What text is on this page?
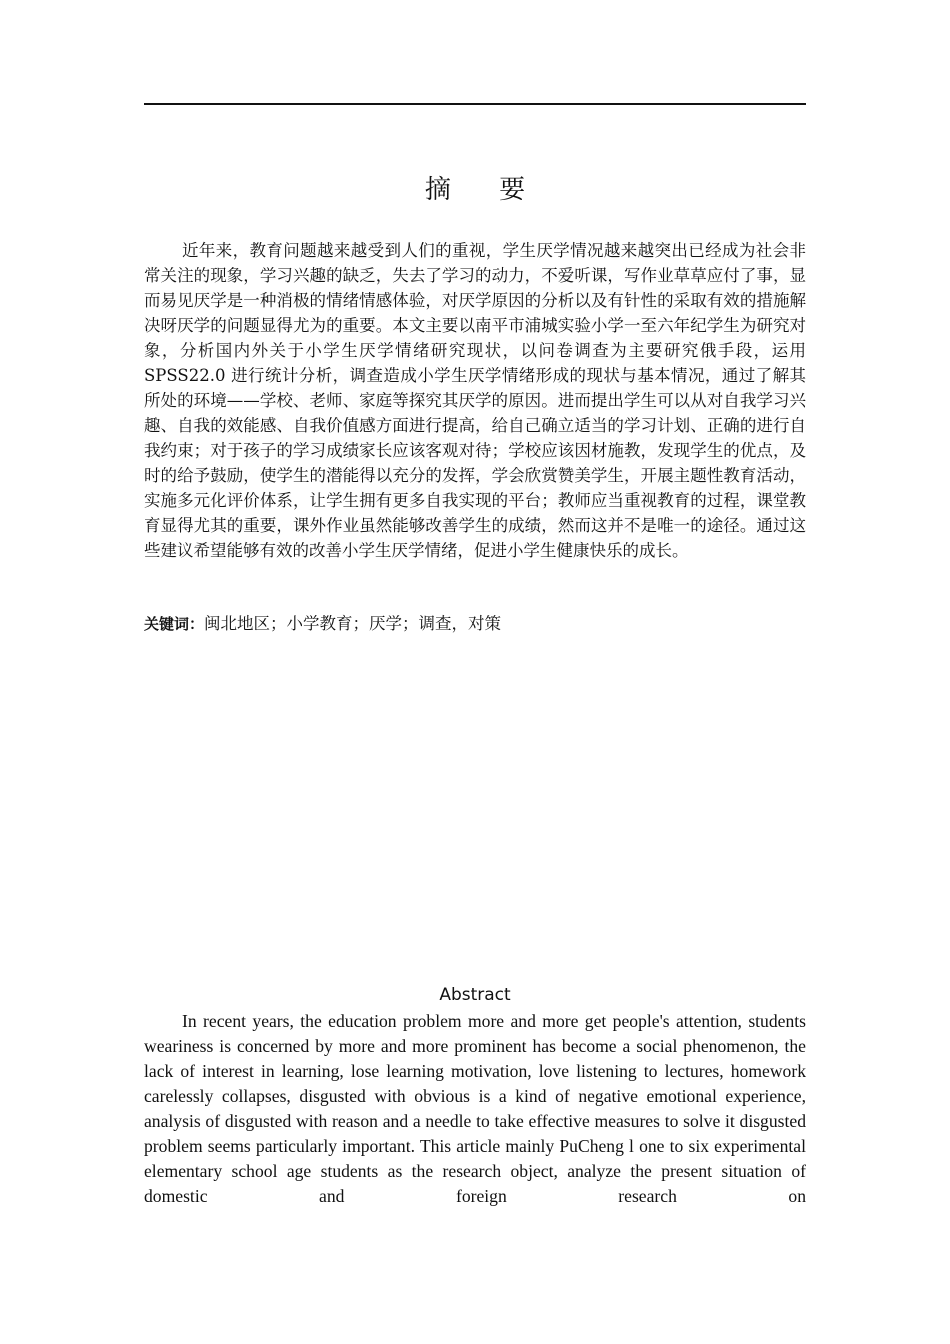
摘 要

近年来，教育问题越来越受到人们的重视，学生厌学情况越来越突出已经成为社会非常关注的现象，学习兴趣的缺乏，失去了学习的动力，不爱听课，写作业草草应付了事，显而易见厌学是一种消极的情绪情感体验，对厌学原因的分析以及有针性的采取有效的措施解决呀厌学的问题显得尤为的重要。本文主要以南平市浦城实验小学一至六年纪学生为研究对象，分析国内外关于小学生厌学情绪研究现状，以问卷调查为主要研究俄手段，运用 SPSS22.0 进行统计分析，调查造成小学生厌学情绪形成的现状与基本情况，通过了解其所处的环境——学校、老师、家庭等探究其厌学的原因。进而提出学生可以从对自我学习兴趣、自我的效能感、自我价值感方面进行提高，给自己确立适当的学习计划、正确的进行自我约束；对于孩子的学习成绩家长应该客观对待；学校应该因材施教，发现学生的优点，及时的给予鼓励，使学生的潜能得以充分的发挥，学会欣赏赞美学生，开展主题性教育活动，实施多元化评价体系，让学生拥有更多自我实现的平台；教师应当重视教育的过程，课堂教育显得尤其的重要，课外作业虽然能够改善学生的成绩，然而这并不是唯一的途径。通过这些建议希望能够有效的改善小学生厌学情绪，促进小学生健康快乐的成长。

关键词：闽北地区；小学教育；厌学；调查，对策
Abstract

In recent years, the education problem more and more get people's attention, students weariness is concerned by more and more prominent has become a social phenomenon, the lack of interest in learning, lose learning motivation, love listening to lectures, homework carelessly collapses, disgusted with obvious is a kind of negative emotional experience, analysis of disgusted with reason and a needle to take effective measures to solve it disgusted problem seems particularly important. This article mainly PuCheng l one to six experimental elementary school age students as the research object, analyze the present situation of domestic and foreign research on
